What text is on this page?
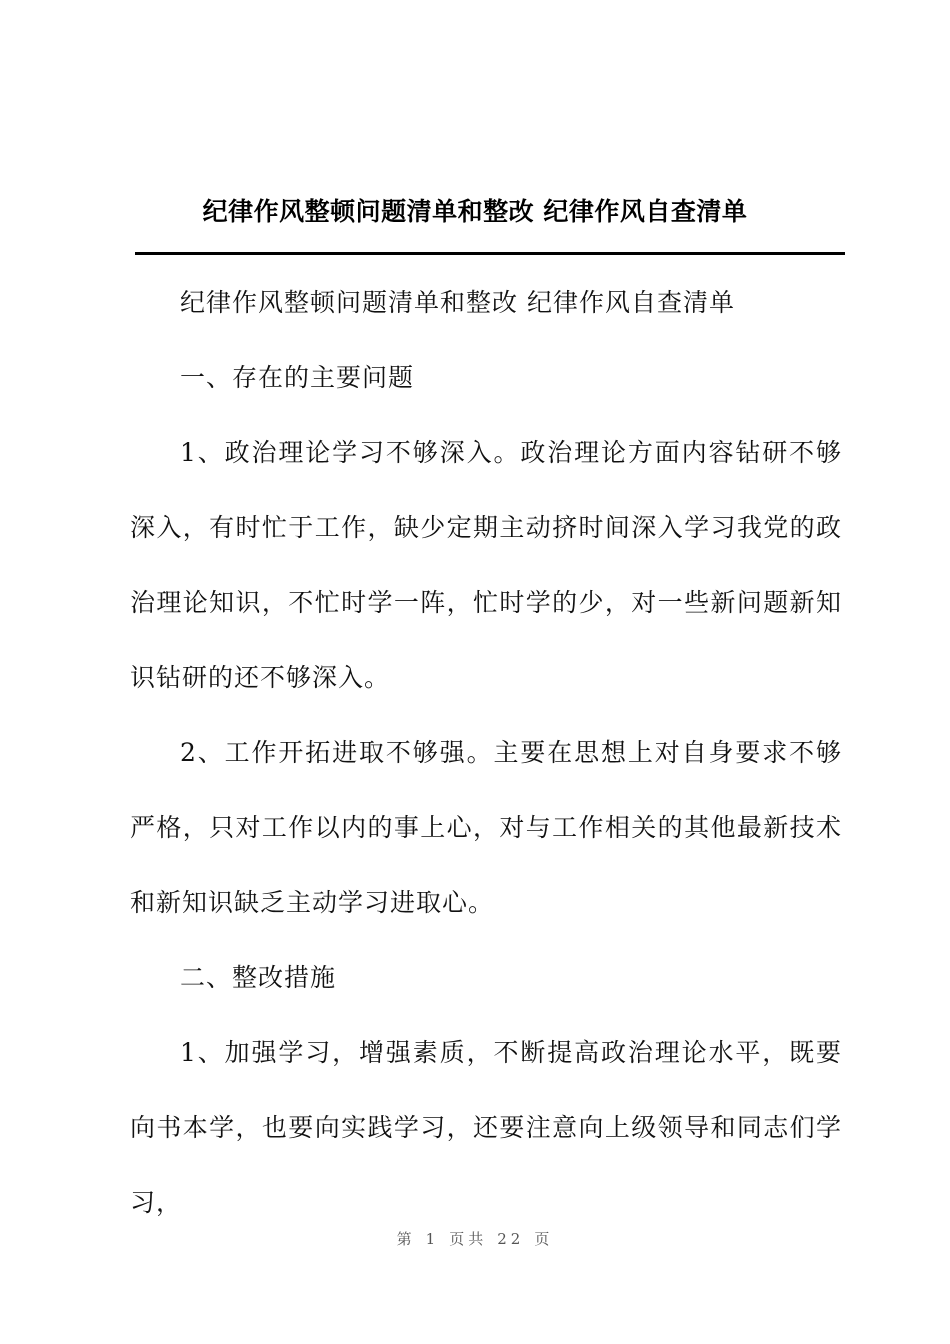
纪律作风整顿问题清单和整改 纪律作风自查清单

纪律作风整顿问题清单和整改 纪律作风自查清单

一、存在的主要问题

1、政治理论学习不够深入。政治理论方面内容钻研不够深入，有时忙于工作，缺少定期主动挤时间深入学习我党的政治理论知识，不忙时学一阵，忙时学的少，对一些新问题新知识钻研的还不够深入。

2、工作开拓进取不够强。主要在思想上对自身要求不够严格，只对工作以内的事上心，对与工作相关的其他最新技术和新知识缺乏主动学习进取心。

二、整改措施

1、加强学习，增强素质，不断提高政治理论水平，既要向书本学，也要向实践学习，还要注意向上级领导和同志们学习，

第 1 页共 22 页
